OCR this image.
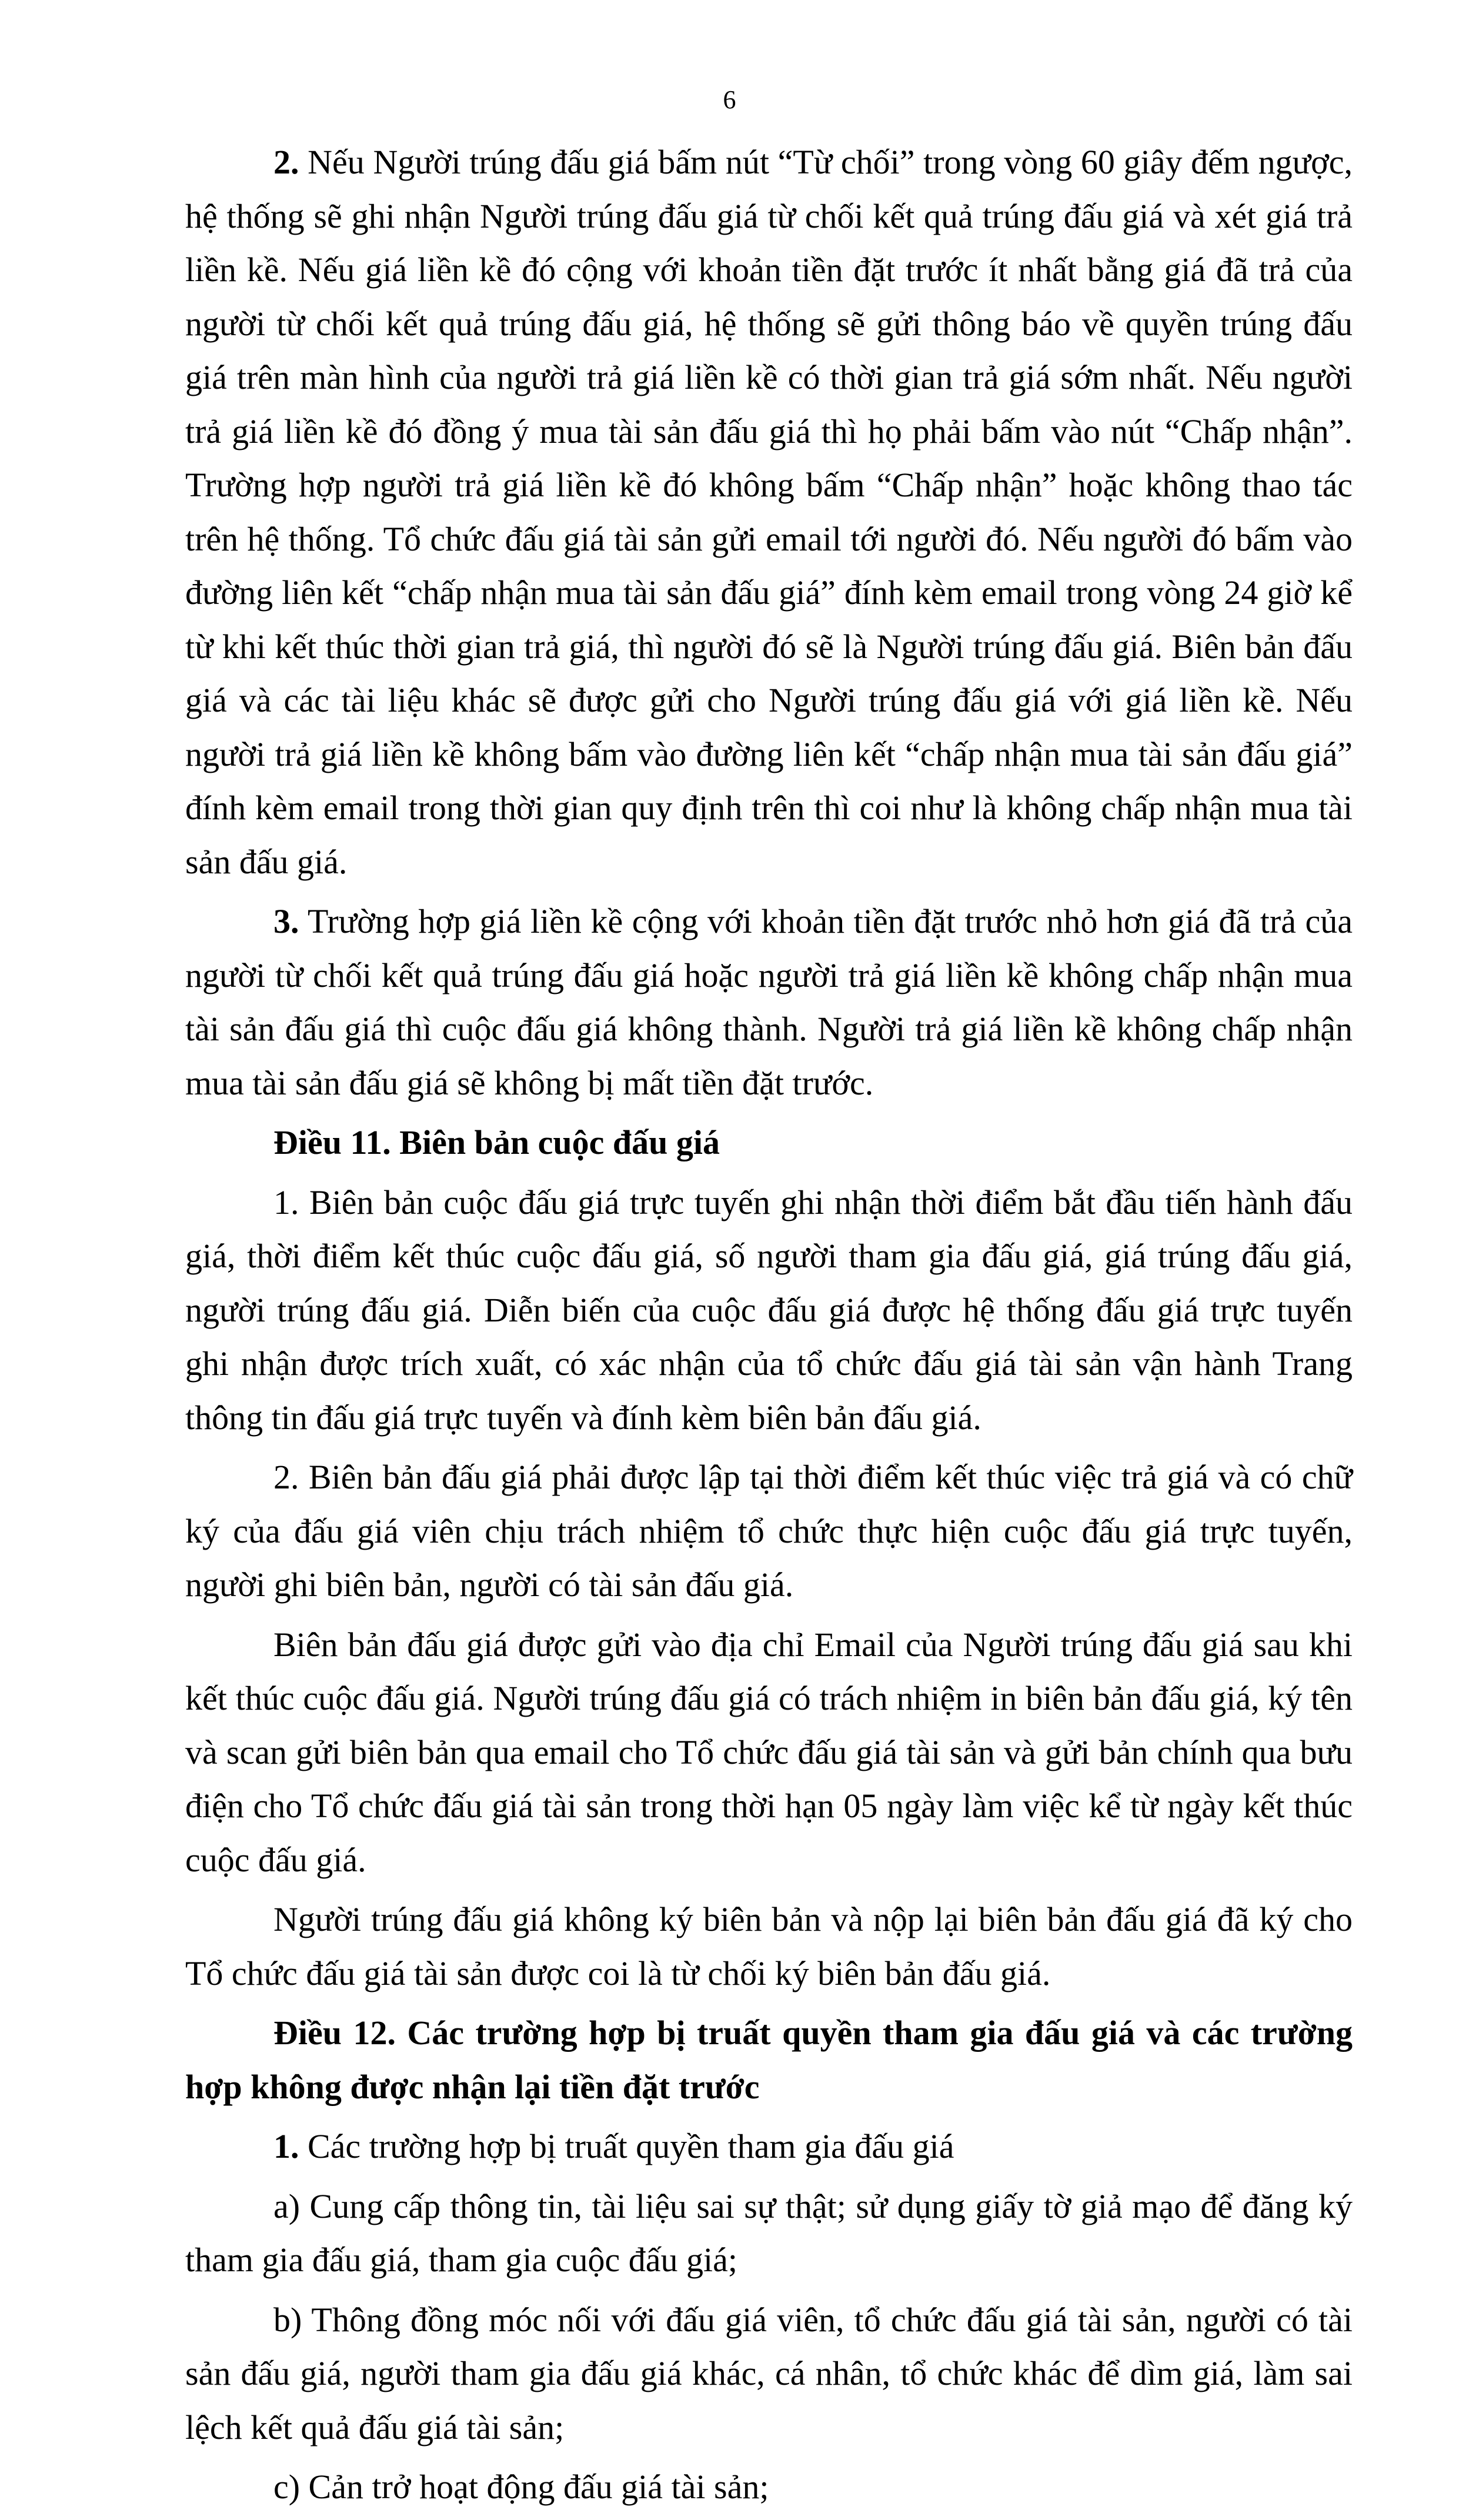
6

2. Nếu Người trúng đấu giá bấm nút “Từ chối” trong vòng 60 giây đếm ngược, hệ thống sẽ ghi nhận Người trúng đấu giá từ chối kết quả trúng đấu giá và xét giá trả liền kề. Nếu giá liền kề đó cộng với khoản tiền đặt trước ít nhất bằng giá đã trả của người từ chối kết quả trúng đấu giá, hệ thống sẽ gửi thông báo về quyền trúng đấu giá trên màn hình của người trả giá liền kề có thời gian trả giá sớm nhất. Nếu người trả giá liền kề đó đồng ý mua tài sản đấu giá thì họ phải bấm vào nút “Chấp nhận”. Trường hợp người trả giá liền kề đó không bấm “Chấp nhận” hoặc không thao tác trên hệ thống. Tổ chức đấu giá tài sản gửi email tới người đó. Nếu người đó bấm vào đường liên kết “chấp nhận mua tài sản đấu giá” đính kèm email trong vòng 24 giờ kể từ khi kết thúc thời gian trả giá, thì người đó sẽ là Người trúng đấu giá. Biên bản đấu giá và các tài liệu khác sẽ được gửi cho Người trúng đấu giá với giá liền kề. Nếu người trả giá liền kề không bấm vào đường liên kết “chấp nhận mua tài sản đấu giá” đính kèm email trong thời gian quy định trên thì coi như là không chấp nhận mua tài sản đấu giá.

3. Trường hợp giá liền kề cộng với khoản tiền đặt trước nhỏ hơn giá đã trả của người từ chối kết quả trúng đấu giá hoặc người trả giá liền kề không chấp nhận mua tài sản đấu giá thì cuộc đấu giá không thành. Người trả giá liền kề không chấp nhận mua tài sản đấu giá sẽ không bị mất tiền đặt trước.

Điều 11. Biên bản cuộc đấu giá

1. Biên bản cuộc đấu giá trực tuyến ghi nhận thời điểm bắt đầu tiến hành đấu giá, thời điểm kết thúc cuộc đấu giá, số người tham gia đấu giá, giá trúng đấu giá, người trúng đấu giá. Diễn biến của cuộc đấu giá được hệ thống đấu giá trực tuyến ghi nhận được trích xuất, có xác nhận của tổ chức đấu giá tài sản vận hành Trang thông tin đấu giá trực tuyến và đính kèm biên bản đấu giá.

2. Biên bản đấu giá phải được lập tại thời điểm kết thúc việc trả giá và có chữ ký của đấu giá viên chịu trách nhiệm tổ chức thực hiện cuộc đấu giá trực tuyến, người ghi biên bản, người có tài sản đấu giá.

Biên bản đấu giá được gửi vào địa chỉ Email của Người trúng đấu giá sau khi kết thúc cuộc đấu giá. Người trúng đấu giá có trách nhiệm in biên bản đấu giá, ký tên và scan gửi biên bản qua email cho Tổ chức đấu giá tài sản và gửi bản chính qua bưu điện cho Tổ chức đấu giá tài sản trong thời hạn 05 ngày làm việc kể từ ngày kết thúc cuộc đấu giá.

Người trúng đấu giá không ký biên bản và nộp lại biên bản đấu giá đã ký cho Tổ chức đấu giá tài sản được coi là từ chối ký biên bản đấu giá.

Điều 12. Các trường hợp bị truất quyền tham gia đấu giá và các trường hợp không được nhận lại tiền đặt trước

1. Các trường hợp bị truất quyền tham gia đấu giá

a) Cung cấp thông tin, tài liệu sai sự thật; sử dụng giấy tờ giả mạo để đăng ký tham gia đấu giá, tham gia cuộc đấu giá;

b) Thông đồng móc nối với đấu giá viên, tổ chức đấu giá tài sản, người có tài sản đấu giá, người tham gia đấu giá khác, cá nhân, tổ chức khác để dìm giá, làm sai lệch kết quả đấu giá tài sản;

c) Cản trở hoạt động đấu giá tài sản;
